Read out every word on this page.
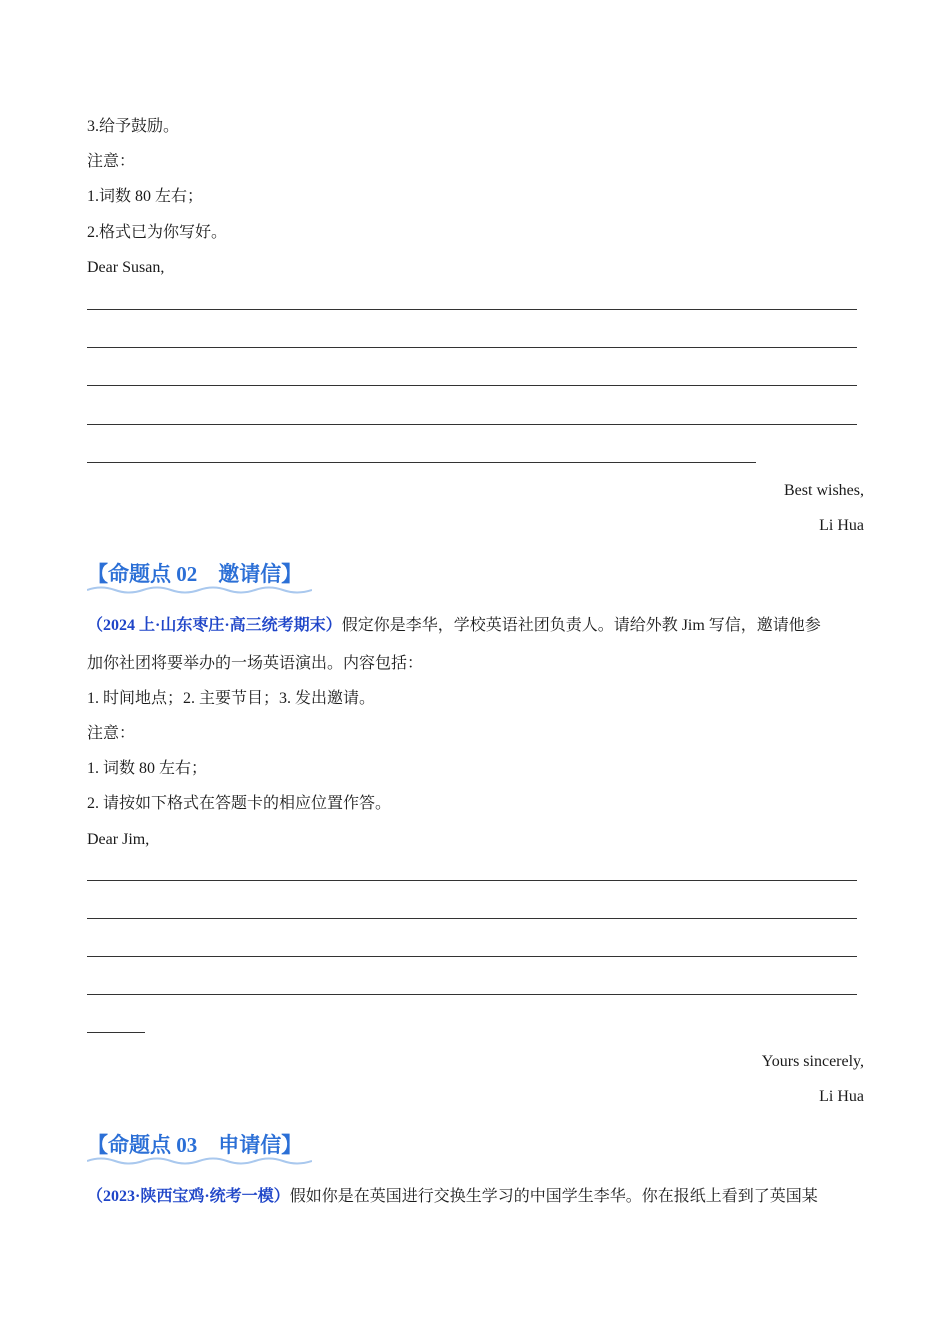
3.给予鼓励。
注意：
1.词数 80 左右；
2.格式已为你写好。
Dear Susan,
Best wishes,
Li Hua
【命题点 02　邀请信】
（2024 上·山东枣庄·高三统考期末）假定你是李华，学校英语社团负责人。请给外教 Jim 写信，邀请他参
加你社团将要举办的一场英语演出。内容包括：
1. 时间地点；2. 主要节目；3. 发出邀请。
注意：
1. 词数 80 左右；
2. 请按如下格式在答题卡的相应位置作答。
Dear Jim,
Yours sincerely,
Li Hua
【命题点 03　申请信】
（2023·陕西宝鸡·统考一模）假如你是在英国进行交换生学习的中国学生李华。你在报纸上看到了英国某
